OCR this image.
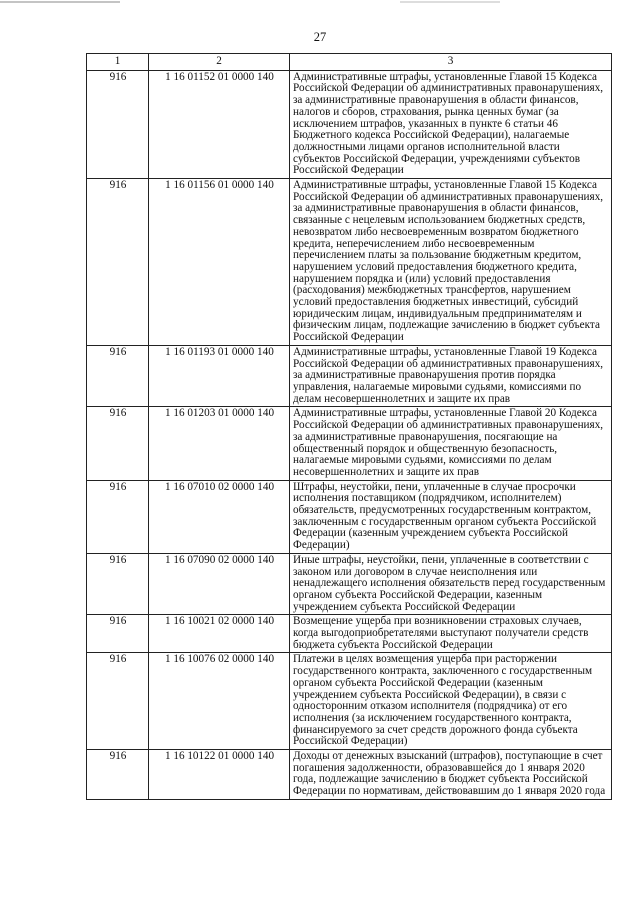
27
1	2	3
916	1 16 01152 01 0000 140	Административные штрафы, установленные Главой 15 Кодекса Российской Федерации об административных правонарушениях, за административные правонарушения в области финансов, налогов и сборов, страхования, рынка ценных бумаг (за исключением штрафов, указанных в пункте 6 статьи 46 Бюджетного кодекса Российской Федерации), налагаемые должностными лицами органов исполнительной власти субъектов Российской Федерации, учреждениями субъектов Российской Федерации
916	1 16 01156 01 0000 140	Административные штрафы, установленные Главой 15 Кодекса Российской Федерации об административных правонарушениях, за административные правонарушения в области финансов, связанные с нецелевым использованием бюджетных средств, невозвратом либо несвоевременным возвратом бюджетного кредита, неперечислением либо несвоевременным перечислением платы за пользование бюджетным кредитом, нарушением условий предоставления бюджетного кредита, нарушением порядка и (или) условий предоставления (расходования) межбюджетных трансфертов, нарушением условий предоставления бюджетных инвестиций, субсидий юридическим лицам, индивидуальным предпринимателям и физическим лицам, подлежащие зачислению в бюджет субъекта Российской Федерации
916	1 16 01193 01 0000 140	Административные штрафы, установленные Главой 19 Кодекса Российской Федерации об административных правонарушениях, за административные правонарушения против порядка управления, налагаемые мировыми судьями, комиссиями по делам несовершеннолетних и защите их прав
916	1 16 01203 01 0000 140	Административные штрафы, установленные Главой 20 Кодекса Российской Федерации об административных правонарушениях, за административные правонарушения, посягающие на общественный порядок и общественную безопасность, налагаемые мировыми судьями, комиссиями по делам несовершеннолетних и защите их прав
916	1 16 07010 02 0000 140	Штрафы, неустойки, пени, уплаченные в случае просрочки исполнения поставщиком (подрядчиком, исполнителем) обязательств, предусмотренных государственным контрактом, заключенным с государственным органом субъекта Российской Федерации (казенным учреждением субъекта Российской Федерации)
916	1 16 07090 02 0000 140	Иные штрафы, неустойки, пени, уплаченные в соответствии с законом или договором в случае неисполнения или ненадлежащего исполнения обязательств перед государственным органом субъекта Российской Федерации, казенным учреждением субъекта Российской Федерации
916	1 16 10021 02 0000 140	Возмещение ущерба при возникновении страховых случаев, когда выгодоприобретателями выступают получатели средств бюджета субъекта Российской Федерации
916	1 16 10076 02 0000 140	Платежи в целях возмещения ущерба при расторжении государственного контракта, заключенного с государственным органом субъекта Российской Федерации (казенным учреждением субъекта Российской Федерации), в связи с односторонним отказом исполнителя (подрядчика) от его исполнения (за исключением государственного контракта, финансируемого за счет средств дорожного фонда субъекта Российской Федерации)
916	1 16 10122 01 0000 140	Доходы от денежных взысканий (штрафов), поступающие в счет погашения задолженности, образовавшейся до 1 января 2020 года, подлежащие зачислению в бюджет субъекта Российской Федерации по нормативам, действовавшим до 1 января 2020 года
